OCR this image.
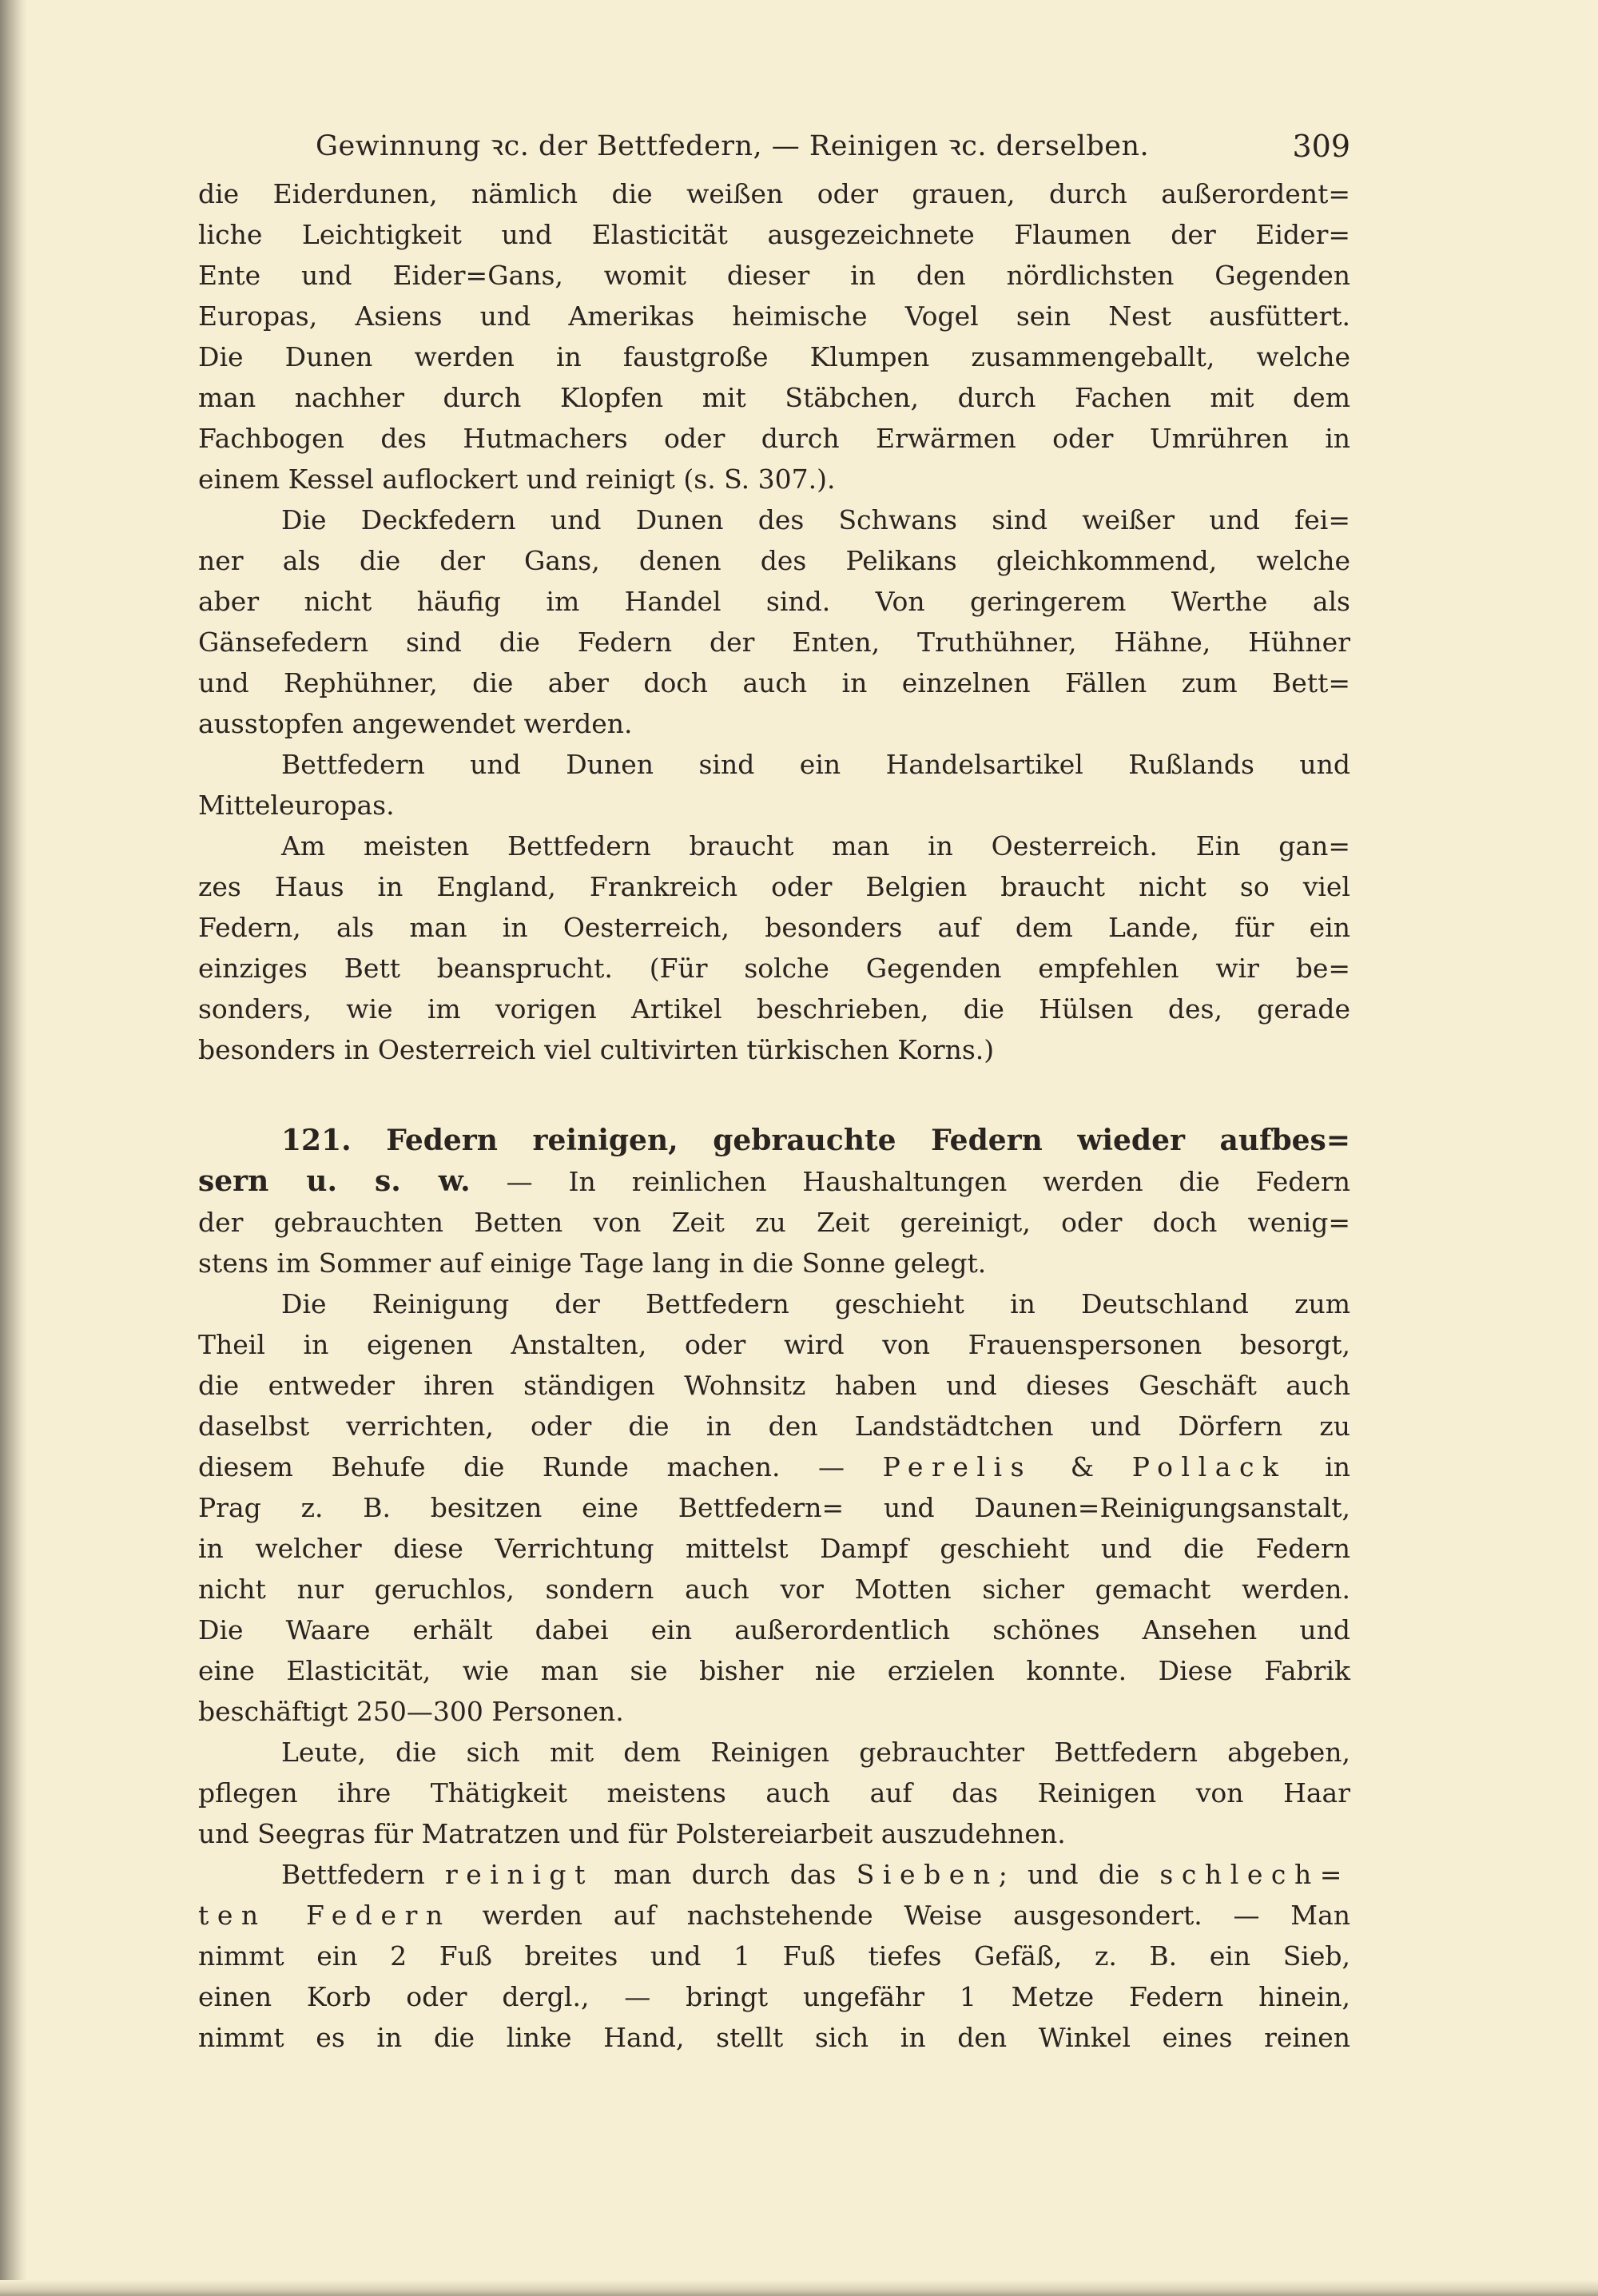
Gewinnung ꝛc. der Bettfedern, — Reinigen ꝛc. derselben.	309
die Eiderdunen, nämlich die weißen oder grauen, durch außerordent=
liche Leichtigkeit und Elasticität ausgezeichnete Flaumen der Eider=
Ente und Eider=Gans, womit dieser in den nördlichsten Gegenden
Europas, Asiens und Amerikas heimische Vogel sein Nest ausfüttert.
Die Dunen werden in faustgroße Klumpen zusammengeballt, welche
man nachher durch Klopfen mit Stäbchen, durch Fachen mit dem
Fachbogen des Hutmachers oder durch Erwärmen oder Umrühren in
einem Kessel auflockert und reinigt (s. S. 307.).
Die Deckfedern und Dunen des Schwans sind weißer und fei=
ner als die der Gans, denen des Pelikans gleichkommend, welche
aber nicht häufig im Handel sind. Von geringerem Werthe als
Gänsefedern sind die Federn der Enten, Truthühner, Hähne, Hühner
und Rephühner, die aber doch auch in einzelnen Fällen zum Bett=
ausstopfen angewendet werden.
Bettfedern und Dunen sind ein Handelsartikel Rußlands und
Mitteleuropas.
Am meisten Bettfedern braucht man in Oesterreich. Ein gan=
zes Haus in England, Frankreich oder Belgien braucht nicht so viel
Federn, als man in Oesterreich, besonders auf dem Lande, für ein
einziges Bett beansprucht. (Für solche Gegenden empfehlen wir be=
sonders, wie im vorigen Artikel beschrieben, die Hülsen des, gerade
besonders in Oesterreich viel cultivirten türkischen Korns.)
121. Federn reinigen, gebrauchte Federn wieder aufbes=
sern u. s. w. — In reinlichen Haushaltungen werden die Federn
der gebrauchten Betten von Zeit zu Zeit gereinigt, oder doch wenig=
stens im Sommer auf einige Tage lang in die Sonne gelegt.
Die Reinigung der Bettfedern geschieht in Deutschland zum
Theil in eigenen Anstalten, oder wird von Frauenspersonen besorgt,
die entweder ihren ständigen Wohnsitz haben und dieses Geschäft auch
daselbst verrichten, oder die in den Landstädtchen und Dörfern zu
diesem Behufe die Runde machen. — Perelis & Pollack in
Prag z. B. besitzen eine Bettfedern= und Daunen=Reinigungsanstalt,
in welcher diese Verrichtung mittelst Dampf geschieht und die Federn
nicht nur geruchlos, sondern auch vor Motten sicher gemacht werden.
Die Waare erhält dabei ein außerordentlich schönes Ansehen und
eine Elasticität, wie man sie bisher nie erzielen konnte. Diese Fabrik
beschäftigt 250—300 Personen.
Leute, die sich mit dem Reinigen gebrauchter Bettfedern abgeben,
pflegen ihre Thätigkeit meistens auch auf das Reinigen von Haar
und Seegras für Matratzen und für Polstereiarbeit auszudehnen.
Bettfedern reinigt man durch das Sieben; und die schlech=
ten Federn werden auf nachstehende Weise ausgesondert. — Man
nimmt ein 2 Fuß breites und 1 Fuß tiefes Gefäß, z. B. ein Sieb,
einen Korb oder dergl., — bringt ungefähr 1 Metze Federn hinein,
nimmt es in die linke Hand, stellt sich in den Winkel eines reinen
